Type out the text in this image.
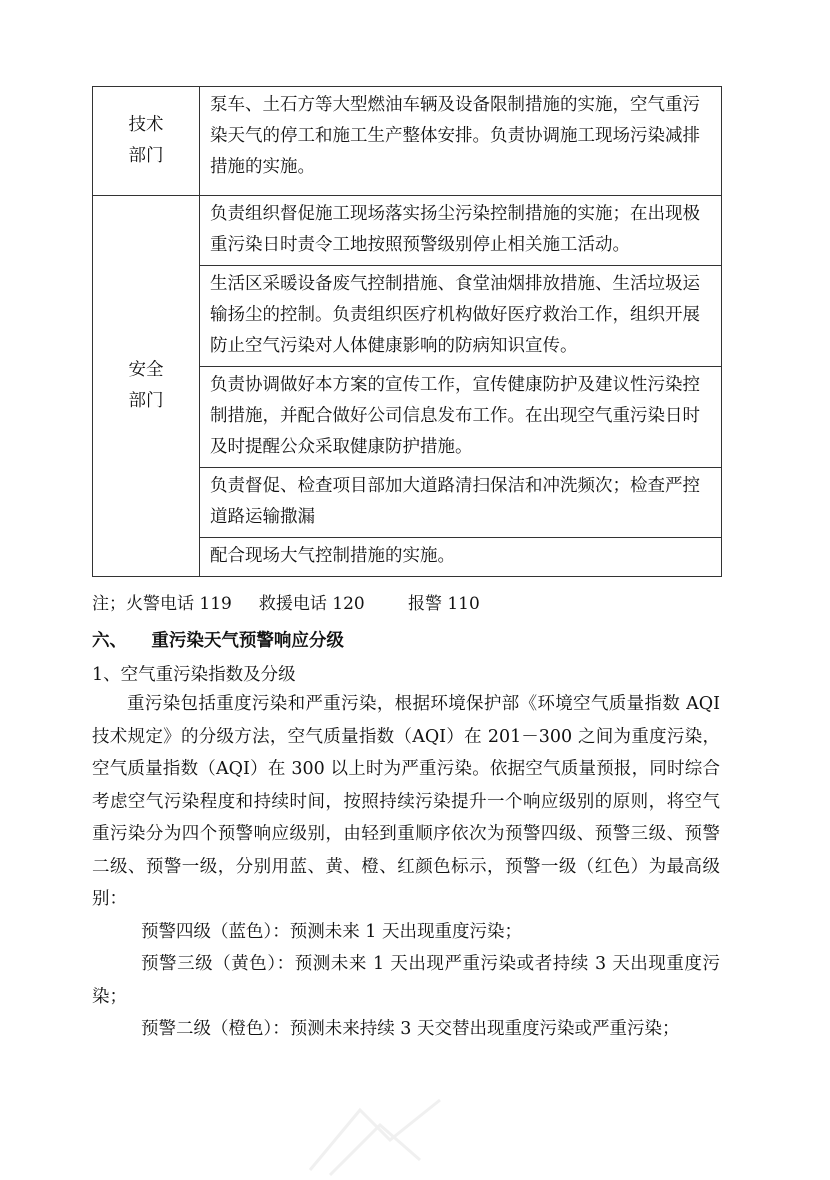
技术
部门	泵车、土石方等大型燃油车辆及设备限制措施的实施，空气重污染天气的停工和施工生产整体安排。负责协调施工现场污染减排措施的实施。

安全
部门	负责组织督促施工现场落实扬尘污染控制措施的实施；在出现极重污染日时责令工地按照预警级别停止相关施工活动。
	生活区采暖设备废气控制措施、食堂油烟排放措施、生活垃圾运输扬尘的控制。负责组织医疗机构做好医疗救治工作，组织开展防止空气污染对人体健康影响的防病知识宣传。
	负责协调做好本方案的宣传工作，宣传健康防护及建议性污染控制措施，并配合做好公司信息发布工作。在出现空气重污染日时及时提醒公众采取健康防护措施。
	负责督促、检查项目部加大道路清扫保洁和冲洗频次；检查严控道路运输撒漏
	配合现场大气控制措施的实施。
注；火警电话 119     救援电话 120        报警 110
六、    重污染天气预警响应分级
1、空气重污染指数及分级

重污染包括重度污染和严重污染，根据环境保护部《环境空气质量指数 AQI 技术规定》的分级方法，空气质量指数（AQI）在 201－300 之间为重度污染，空气质量指数（AQI）在 300 以上时为严重污染。依据空气质量预报，同时综合考虑空气污染程度和持续时间，按照持续污染提升一个响应级别的原则，将空气重污染分为四个预警响应级别，由轻到重顺序依次为预警四级、预警三级、预警二级、预警一级，分别用蓝、黄、橙、红颜色标示，预警一级（红色）为最高级别：

预警四级（蓝色）：预测未来 1 天出现重度污染；

预警三级（黄色）：预测未来 1 天出现严重污染或者持续 3 天出现重度污染；

预警二级（橙色）：预测未来持续 3 天交替出现重度污染或严重污染；
